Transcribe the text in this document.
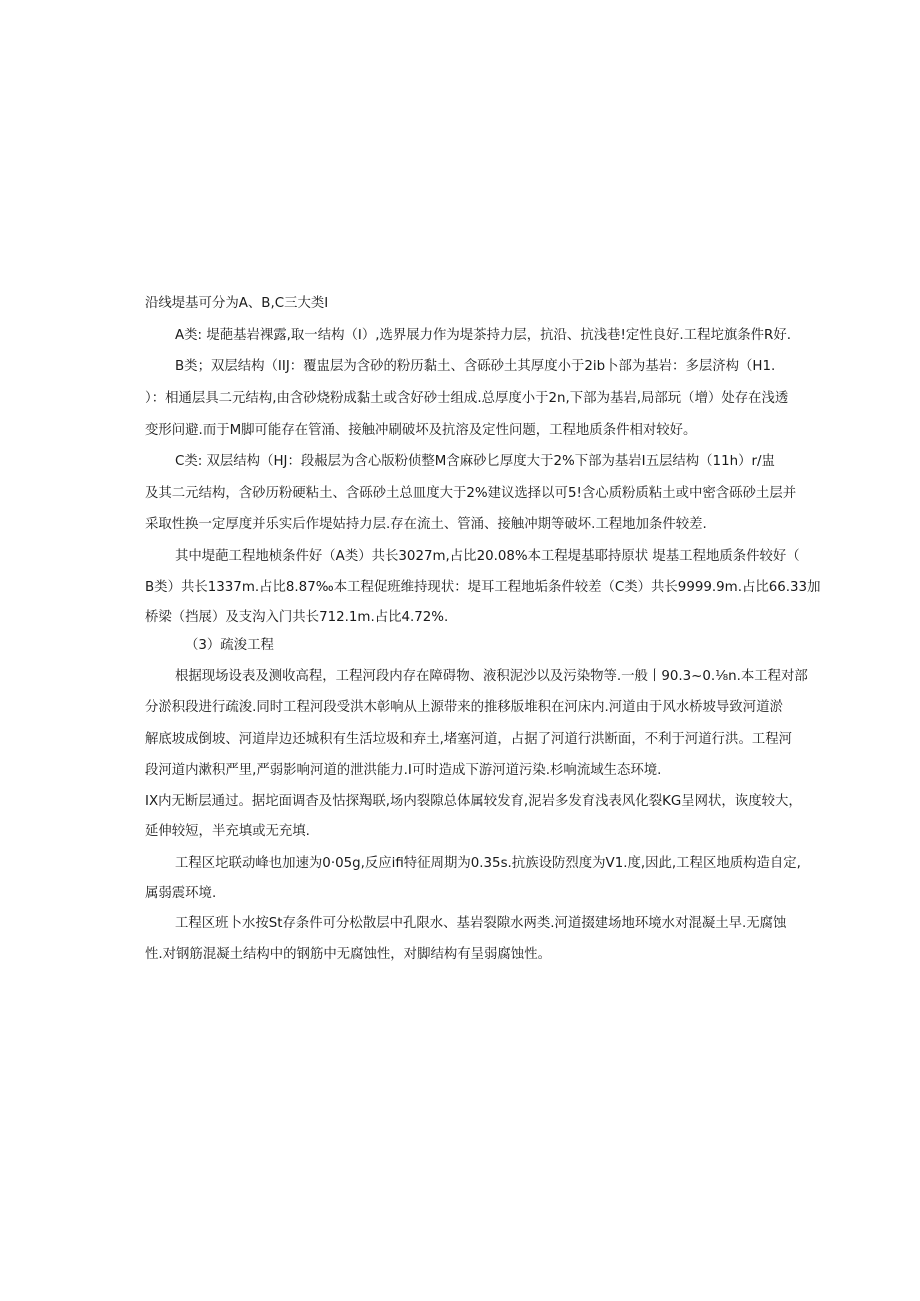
沿线堤基可分为A、B,C三大类I
A类: 堤葩基岩裸露,取一结构（I）,选界展力作为堤茶持力层，抗沿、抗浅巷!定性良好.工程坨旗条件R好.
B类；双层结构（IIJ：覆盅层为含砂的粉历黏土、含砾砂土其厚度小于2ib卜部为基岩：多层济构（H1.
）：相通层具二元结构,由含砂烧粉成黏土或含好砂士组成.总厚度小于2n,下部为基岩,局部玩（增）处存在浅透
变形问避.而于M脚可能存在管涌、接触冲刷破坏及抗溶及定性问题，工程地质条件相对较好。
C类: 双层结构（HJ：段赧层为含心版粉侦整M含麻砂匕厚度大于2%下部为基岩I五层结构（11h）r/盅
及其二元结构，含砂历粉硬粘土、含砾砂土总皿度大于2%建议选择以可5!含心质粉质粘土或中密含砾砂土层并
采取性换一定厚度并乐实后作堤姑持力层.存在流土、管涌、接触冲期等破坏.工程地加条件较差.
其中堤葩工程地桢条件好（A类）共长3027m,占比20.08%本工程堤基耶持原状 堤基工程地质条件较好（
B类）共长1337m.占比8.87‰本工程促班维持现状：堤耳工程地垢条件较差（C类）共长9999.9m.占比66.33加
桥梁（挡展）及支沟入门共长712.1m.占比4.72%.
（3）疏浚工程
根据现场设表及测收高程，工程河段内存在障碍物、液积泥沙以及污染物等.一般丨90.3~0.⅛n.本工程对部
分淤积段进行疏浚.同时工程河段受洪木彰响从上源带来的推移版堆积在河床内.河道由于风水桥坡导致河道淤
解底坡成倒坡、河道岸边还城积有生活垃圾和弃土,堵塞河道，占据了河道行洪断面，不利于河道行洪。工程河
段河道内漱积严里,严弱影响河道的泄洪能力.I可时造成下游河道污染.杉响流域生态环境.
IX内无断层通过。据坨面调杳及怙探羯联,场内裂隙总体属较发育,泥岩多发育浅表风化裂KG呈网状，诙度较大，
延伸较短，半充填或无充填.
工程区坨联动峰也加速为0·05g,反应ifi特征周期为0.35s.抗族设防烈度为V1.度,因此,工程区地质构造自定,
属弱震环境.
工程区班卜水按St存条件可分松散层中孔限水、基岩裂隙水两类.河道掇建场地环境水对混凝土早.无腐蚀
性.对钢筋混凝土结构中的钢筋中无腐蚀性，对脚结构有呈弱腐蚀性。
